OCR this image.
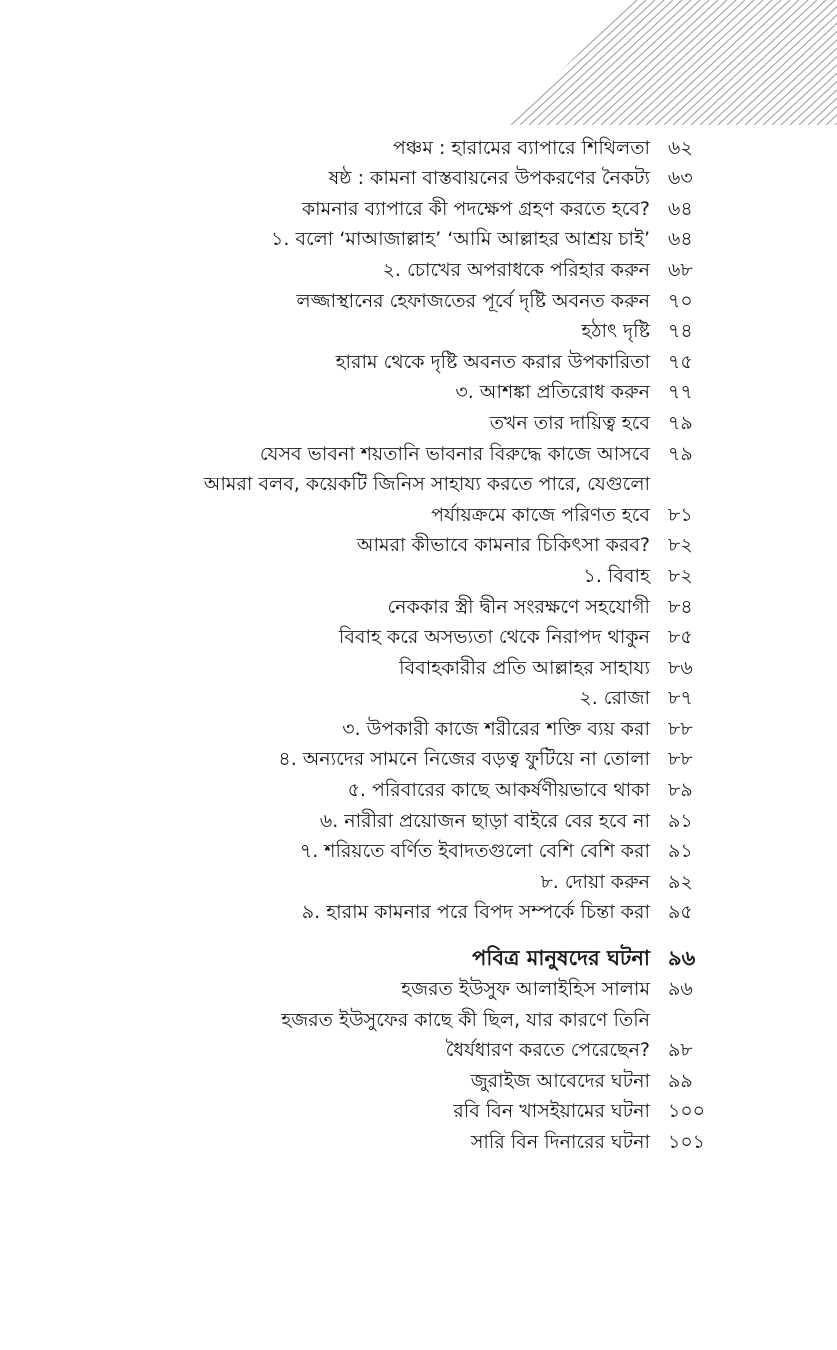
পঞ্চম : হারামের ব্যাপারে শিথিলতা ৬২
ষষ্ঠ : কামনা বাস্তবায়নের উপকরণের নৈকট্য ৬৩
কামনার ব্যাপারে কী পদক্ষেপ গ্রহণ করতে হবে? ৬৪
১. বলো ‘মাআজাল্লাহ’ ‘আমি আল্লাহর আশ্রয় চাই’ ৬৪
২. চোখের অপরাধকে পরিহার করুন ৬৮
লজ্জাস্থানের হেফাজতের পূর্বে দৃষ্টি অবনত করুন ৭০
হঠাৎ দৃষ্টি ৭৪
হারাম থেকে দৃষ্টি অবনত করার উপকারিতা ৭৫
৩. আশঙ্কা প্রতিরোধ করুন ৭৭
তখন তার দায়িত্ব হবে ৭৯
যেসব ভাবনা শয়তানি ভাবনার বিরুদ্ধে কাজে আসবে ৭৯
আমরা বলব, কয়েকটি জিনিস সাহায্য করতে পারে, যেগুলো
পর্যায়ক্রমে কাজে পরিণত হবে ৮১
আমরা কীভাবে কামনার চিকিৎসা করব? ৮২
১. বিবাহ ৮২
নেককার স্ত্রী দ্বীন সংরক্ষণে সহযোগী ৮৪
বিবাহ করে অসভ্যতা থেকে নিরাপদ থাকুন ৮৫
বিবাহকারীর প্রতি আল্লাহর সাহায্য ৮৬
২. রোজা ৮৭
৩. উপকারী কাজে শরীরের শক্তি ব্যয় করা ৮৮
৪. অন্যদের সামনে নিজের বড়ত্ব ফুটিয়ে না তোলা ৮৮
৫. পরিবারের কাছে আকর্ষণীয়ভাবে থাকা ৮৯
৬. নারীরা প্রয়োজন ছাড়া বাইরে বের হবে না ৯১
৭. শরিয়তে বর্ণিত ইবাদতগুলো বেশি বেশি করা ৯১
৮. দোয়া করুন ৯২
৯. হারাম কামনার পরে বিপদ সম্পর্কে চিন্তা করা ৯৫
পবিত্র মানুষদের ঘটনা ৯৬
হজরত ইউসুফ আলাইহিস সালাম ৯৬
হজরত ইউসুফের কাছে কী ছিল, যার কারণে তিনি
ধৈর্যধারণ করতে পেরেছেন? ৯৮
জুরাইজ আবেদের ঘটনা ৯৯
রবি বিন খাসইয়ামের ঘটনা ১০০
সারি বিন দিনারের ঘটনা ১০১
